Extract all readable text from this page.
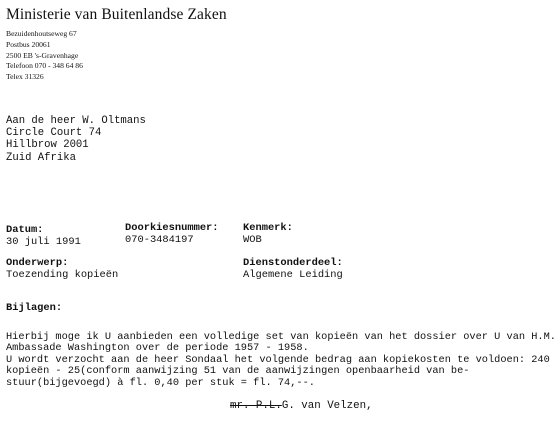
Ministerie van Buitenlandse Zaken
Bezuidenhoutseweg 67
Postbus 20061
2500 EB 's-Gravenhage
Telefoon 070 - 348 64 86
Telex 31326
Aan de heer W. Oltmans
Circle Court 74
Hillbrow 2001
Zuid Afrika
Datum:
30 juli 1991
Doorkiesnummer:
070-3484197
Kenmerk:
WOB
Onderwerp:
Toezending kopieën
Dienstonderdeel:
Algemene Leiding
Bijlagen:
Hierbij moge ik U aanbieden een volledige set van kopieën van het dossier over U van H.M.
Ambassade Washington over de periode 1957 - 1958.
U wordt verzocht aan de heer Sondaal het volgende bedrag aan kopiekosten te voldoen: 240
kopieën - 25(conform aanwijzing 51 van de aanwijzingen openbaarheid van be-
stuur(bijgevoegd) à fl. 0,40 per stuk = fl. 74,--.
mr. P.L.G. van Velzen,
